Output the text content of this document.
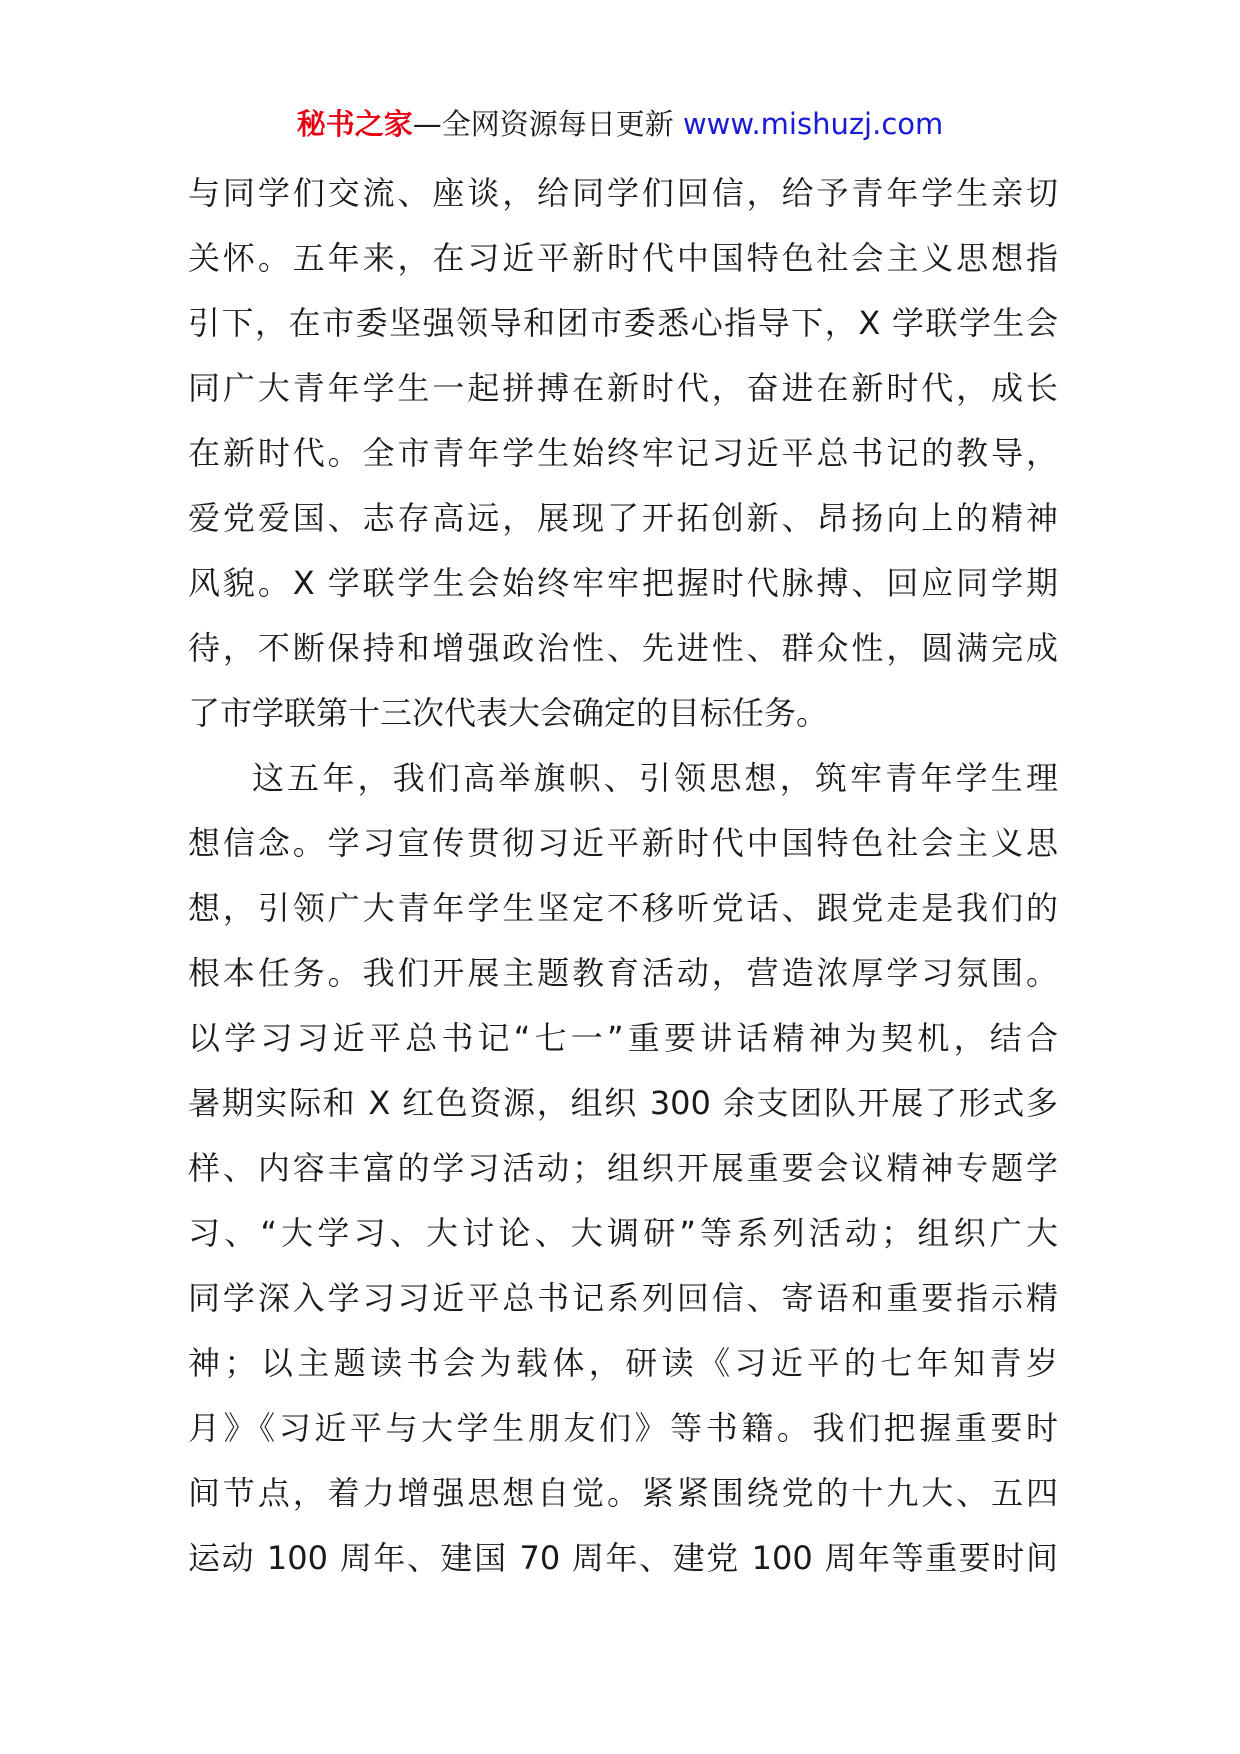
秘书之家—全网资源每日更新 www.mishuzj.com
与同学们交流、座谈，给同学们回信，给予青年学生亲切
关怀。五年来，在习近平新时代中国特色社会主义思想指
引下，在市委坚强领导和团市委悉心指导下，X 学联学生会
同广大青年学生一起拼搏在新时代，奋进在新时代，成长
在新时代。全市青年学生始终牢记习近平总书记的教导，
爱党爱国、志存高远，展现了开拓创新、昂扬向上的精神
风貌。X 学联学生会始终牢牢把握时代脉搏、回应同学期
待，不断保持和增强政治性、先进性、群众性，圆满完成
了市学联第十三次代表大会确定的目标任务。
这五年，我们高举旗帜、引领思想，筑牢青年学生理
想信念。学习宣传贯彻习近平新时代中国特色社会主义思
想，引领广大青年学生坚定不移听党话、跟党走是我们的
根本任务。我们开展主题教育活动，营造浓厚学习氛围。
以学习习近平总书记“七一”重要讲话精神为契机，结合
暑期实际和 X 红色资源，组织 300 余支团队开展了形式多
样、内容丰富的学习活动；组织开展重要会议精神专题学
习、“大学习、大讨论、大调研”等系列活动；组织广大
同学深入学习习近平总书记系列回信、寄语和重要指示精
神；以主题读书会为载体，研读《习近平的七年知青岁
月》《习近平与大学生朋友们》等书籍。我们把握重要时
间节点，着力增强思想自觉。紧紧围绕党的十九大、五四
运动 100 周年、建国 70 周年、建党 100 周年等重要时间
